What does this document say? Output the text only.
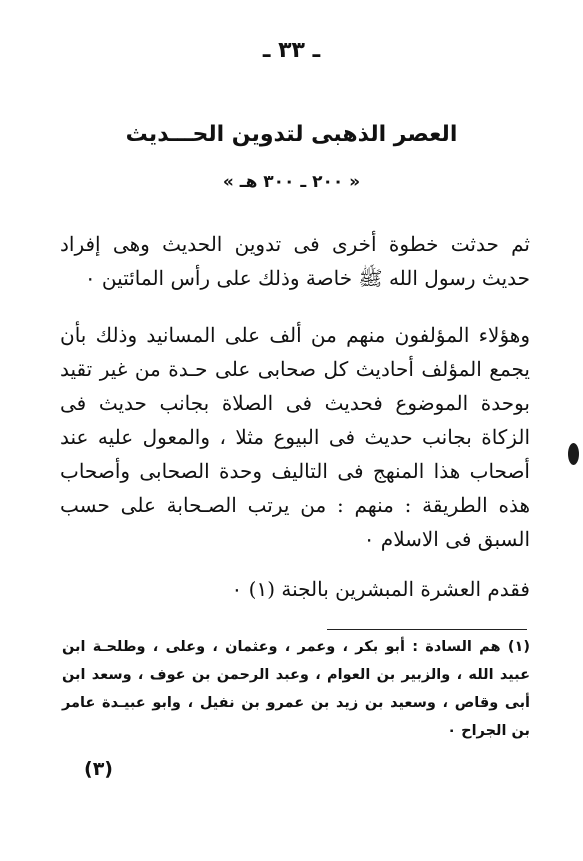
ـ ٣٣ ـ
العصر الذهبى لتدوين الحـــديث
« ٢٠٠ ـ ٣٠٠ هـ »

ثم حدثت خطوة أخرى فى تدوين الحديث وهى إفراد حديث رسول الله ﷺ خاصة وذلك على رأس المائتين ٠

وهؤلاء المؤلفون منهم من ألف على المسانيد وذلك بأن يجمع المؤلف أحاديث كل صحابى على حـدة من غير تقيد بوحدة الموضوع فحديث فى الصلاة بجانب حديث فى الزكاة بجانب حديث فى البيوع مثلا ، والمعول عليه عند أصحاب هذا المنهج فى التاليف وحدة الصحابى وأصحاب هذه الطريقة : منهم : من يرتب الصـحابة على حسب السبق فى الاسلام ٠

فقدم العشرة المبشرين بالجنة (١) ٠

(١) هم السادة : أبو بكر ، وعمر ، وعثمان ، وعلى ، وطلحـة ابن عبيد الله ، والزبير بن العوام ، وعبد الرحمن بن عوف ، وسعد ابن أبى وقاص ، وسعيد بن زيد بن عمرو بن نفيل ، وابو عبيـدة عامر بن الجراح ٠

(٣)
